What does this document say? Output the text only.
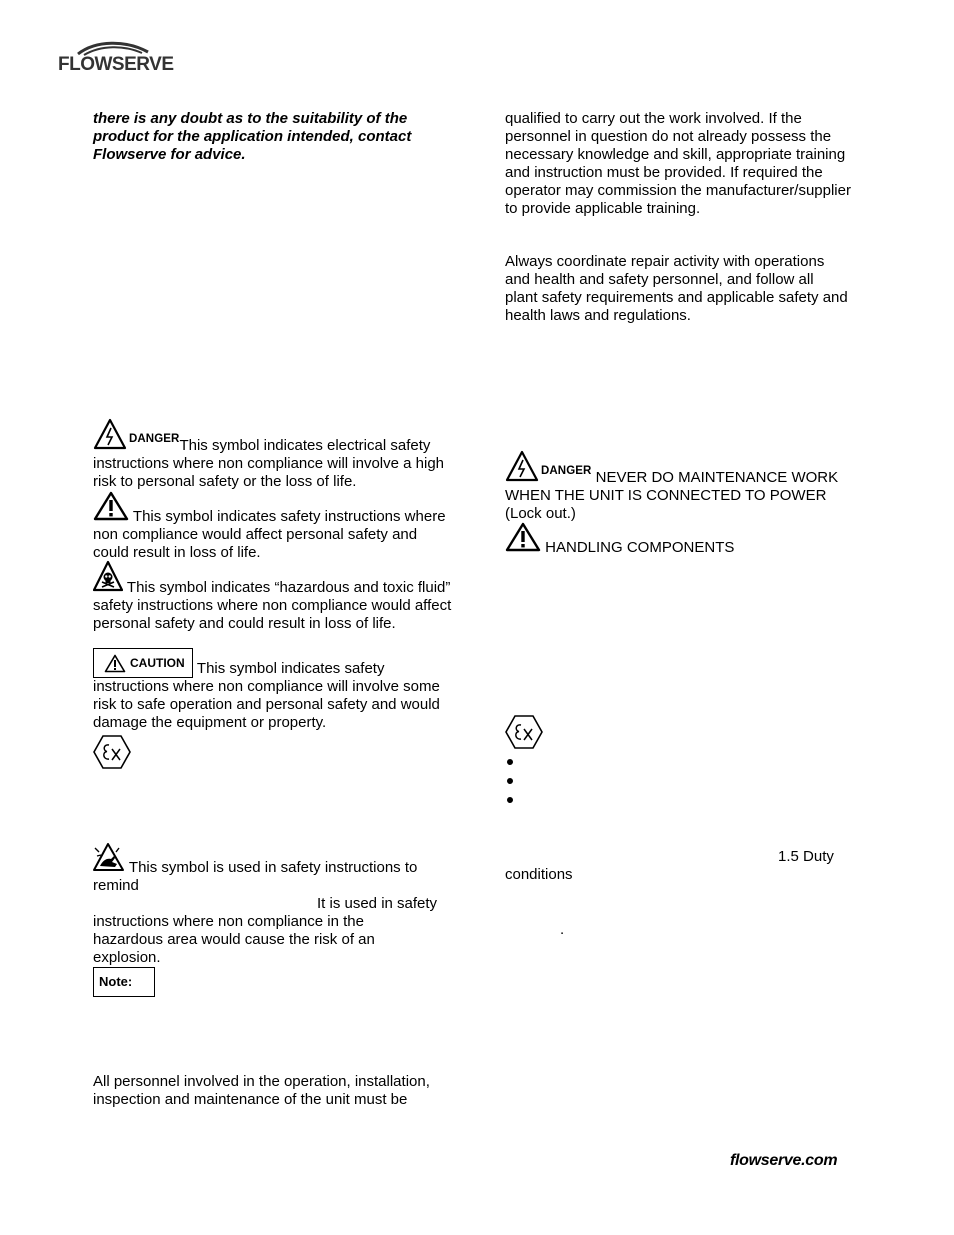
FLOWSERVE

there is any doubt as to the suitability of the product for the application intended, contact Flowserve for advice.

$^{DANGER}$This symbol indicates electrical safety instructions where non compliance will involve a high risk to personal safety or the loss of life.
This symbol indicates safety instructions where non compliance would affect personal safety and could result in loss of life.
This symbol indicates “hazardous and toxic fluid” safety instructions where non compliance would affect personal safety and could result in loss of life.
CAUTION This symbol indicates safety instructions where non compliance will involve some risk to safe operation and personal safety and would damage the equipment or property.
This symbol is used in safety instructions to
remind
It is used in safety

instructions where non compliance in the hazardous area would cause the risk of an explosion.

Note:

All personnel involved in the operation, installation, inspection and maintenance of the unit must be

qualified to carry out the work involved. If the personnel in question do not already possess the necessary knowledge and skill, appropriate training and instruction must be provided. If required the operator may commission the manufacturer/supplier to provide applicable training.

Always coordinate repair activity with operations and health and safety personnel, and follow all plant safety requirements and applicable safety and health laws and regulations.

$^{DANGER}$ NEVER DO MAINTENANCE WORK WHEN THE UNIT IS CONNECTED TO POWER (Lock out.)
HANDLING COMPONENTS
1.5 Duty
conditions
.
flowserve.com
